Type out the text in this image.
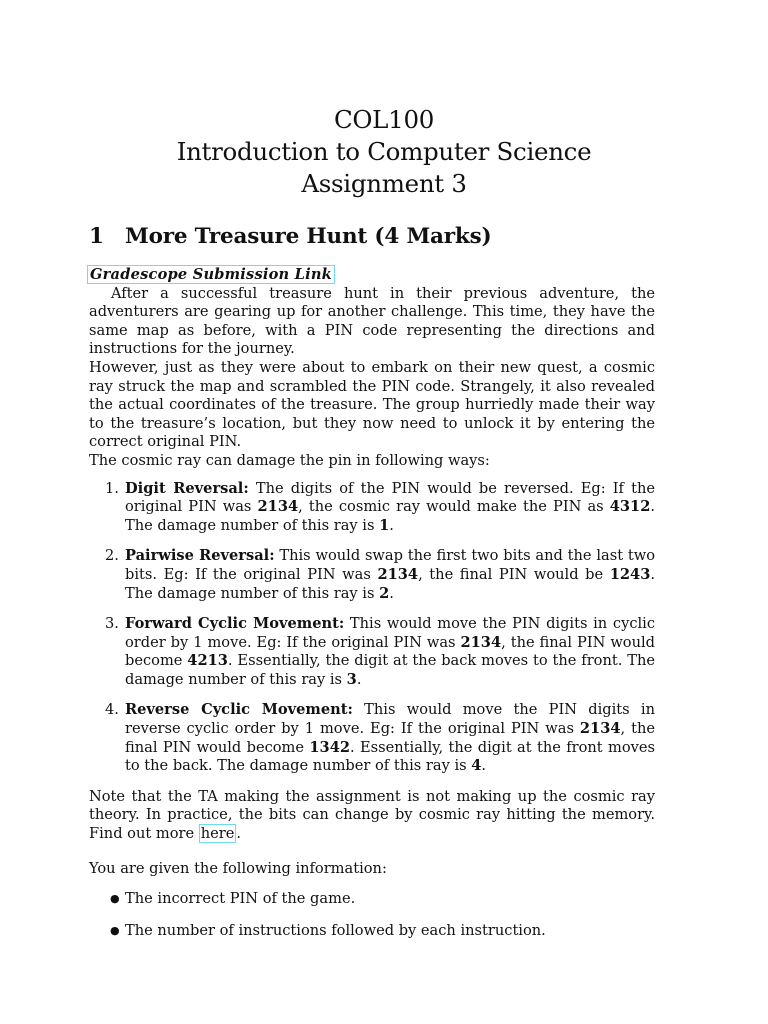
COL100
Introduction to Computer Science
Assignment 3
1 More Treasure Hunt (4 Marks)
Gradescope Submission Link

After a successful treasure hunt in their previous adventure, the adventurers are gearing up for another challenge. This time, they have the same map as before, with a PIN code representing the directions and instructions for the journey.

However, just as they were about to embark on their new quest, a cosmic ray struck the map and scrambled the PIN code. Strangely, it also revealed the actual coordinates of the treasure. The group hurriedly made their way to the treasure’s location, but they now need to unlock it by entering the correct original PIN.

The cosmic ray can damage the pin in following ways:

1. Digit Reversal: The digits of the PIN would be reversed. Eg: If the original PIN was 2134, the cosmic ray would make the PIN as 4312. The damage number of this ray is 1.
2. Pairwise Reversal: This would swap the first two bits and the last two bits. Eg: If the original PIN was 2134, the final PIN would be 1243. The damage number of this ray is 2.
3. Forward Cyclic Movement: This would move the PIN digits in cyclic order by 1 move. Eg: If the original PIN was 2134, the final PIN would become 4213. Essentially, the digit at the back moves to the front. The damage number of this ray is 3.
4. Reverse Cyclic Movement: This would move the PIN digits in reverse cyclic order by 1 move. Eg: If the original PIN was 2134, the final PIN would become 1342. Essentially, the digit at the front moves to the back. The damage number of this ray is 4.

Note that the TA making the assignment is not making up the cosmic ray theory. In practice, the bits can change by cosmic ray hitting the memory. Find out more here .

You are given the following information:

● The incorrect PIN of the game.
● The number of instructions followed by each instruction.
